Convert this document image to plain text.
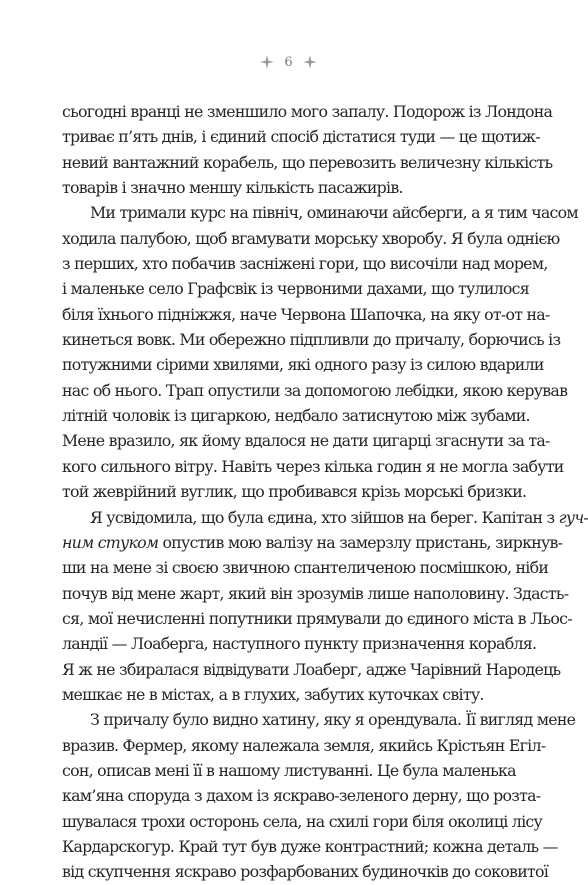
6
сьогодні вранці не зменшило мого запалу. Подорож із Лондона
триває п’ять днів, і єдиний спосіб дістатися туди — це щотиж-
невий вантажний корабель, що перевозить величезну кількість
товарів і значно меншу кількість пасажирів.
Ми тримали курс на північ, оминаючи айсберги, а я тим часом
ходила палубою, щоб вгамувати морську хворобу. Я була однією
з перших, хто побачив засніжені гори, що височіли над морем,
і маленьке село Графсвік із червоними дахами, що тулилося
біля їхнього підніжжя, наче Червона Шапочка, на яку от-от на-
кинеться вовк. Ми обережно підпливли до причалу, борючись із
потужними сірими хвилями, які одного разу із силою вдарили
нас об нього. Трап опустили за допомогою лебідки, якою керував
літній чоловік із цигаркою, недбало затиснутою між зубами.
Мене вразило, як йому вдалося не дати цигарці згаснути за та-
кого сильного вітру. Навіть через кілька годин я не могла забути
той жеврійний вуглик, що пробивався крізь морські бризки.
Я усвідомила, що була єдина, хто зійшов на берег. Капітан з гуч-
ним стуком опустив мою валізу на замерзлу пристань, зиркнув-
ши на мене зі своєю звичною спантеличеною посмішкою, ніби
почув від мене жарт, який він зрозумів лише наполовину. Здасть-
ся, мої нечисленні попутники прямували до єдиного міста в Льос-
ландії — Лоаберга, наступного пункту призначення корабля.
Я ж не збиралася відвідувати Лоаберг, адже Чарівний Народець
мешкає не в містах, а в глухих, забутих куточках світу.
З причалу було видно хатину, яку я орендувала. Її вигляд мене
вразив. Фермер, якому належала земля, якийсь Крістьян Егіл-
сон, описав мені її в нашому листуванні. Це була маленька
кам’яна споруда з дахом із яскраво-зеленого дерну, що розта-
шувалася трохи осторонь села, на схилі гори біля околиці лісу
Кардарскогур. Край тут був дуже контрастний; кожна деталь —
від скупчення яскраво розфарбованих будиночків до соковитої
